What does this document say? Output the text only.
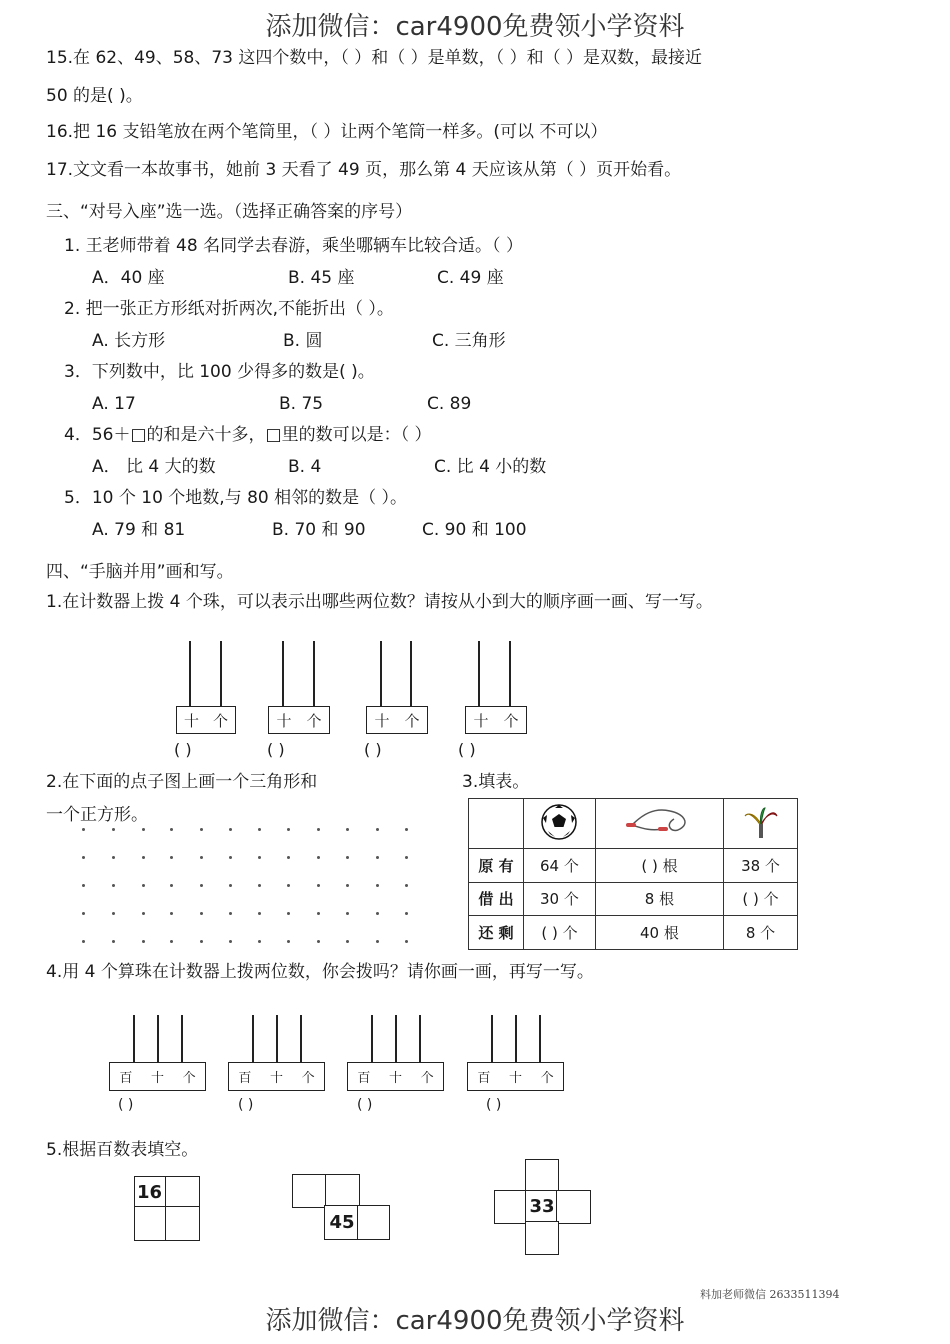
添加微信：car4900免费领小学资料
15.在 62、49、58、73 这四个数中，（ ）和（ ）是单数，（ ）和（ ）是双数，最接近
50 的是( )。
16.把 16 支铅笔放在两个笔筒里，（ ）让两个笔筒一样多。(可以 不可以）
17.文文看一本故事书，她前 3 天看了 49 页，那么第 4 天应该从第（ ）页开始看。
三、“对号入座”选一选。（选择正确答案的序号）
1. 王老师带着 48 名同学去春游，乘坐哪辆车比较合适。（ ）
A．40 座	B. 45 座	C. 49 座
2. 把一张正方形纸对折两次,不能折出（ ）。
A. 长方形	B. 圆	C. 三角形
3．下列数中，比 100 少得多的数是( )。
A. 17	B. 75	C. 89
4．56＋□的和是六十多，□里的数可以是：（ ）
A． 比 4 大的数	B. 4	C. 比 4 小的数
5．10 个 10 个地数,与 80 相邻的数是（ ）。
A. 79 和 81	B. 70 和 90	C. 90 和 100
四、“手脑并用”画和写。
1.在计数器上拨 4 个珠，可以表示出哪些两位数？请按从小到大的顺序画一画、写一写。
十 个
( )
十 个
( )
十 个
( )
十 个
( )
2.在下面的点子图上画一个三角形和
一个正方形。
3.填表。

原 有	64 个	( ) 根	38 个
借 出	30 个	8 根	( ) 个
还 剩	( ) 个	40 根	8 个
4.用 4 个算珠在计数器上拨两位数，你会拨吗？请你画一画，再写一写。
百 十 个
( )
百 十 个
( )
百 十 个
( )
百 十 个
( )
5.根据百数表填空。
16
45
33
料加老师微信 2633511394
添加微信：car4900免费领小学资料
